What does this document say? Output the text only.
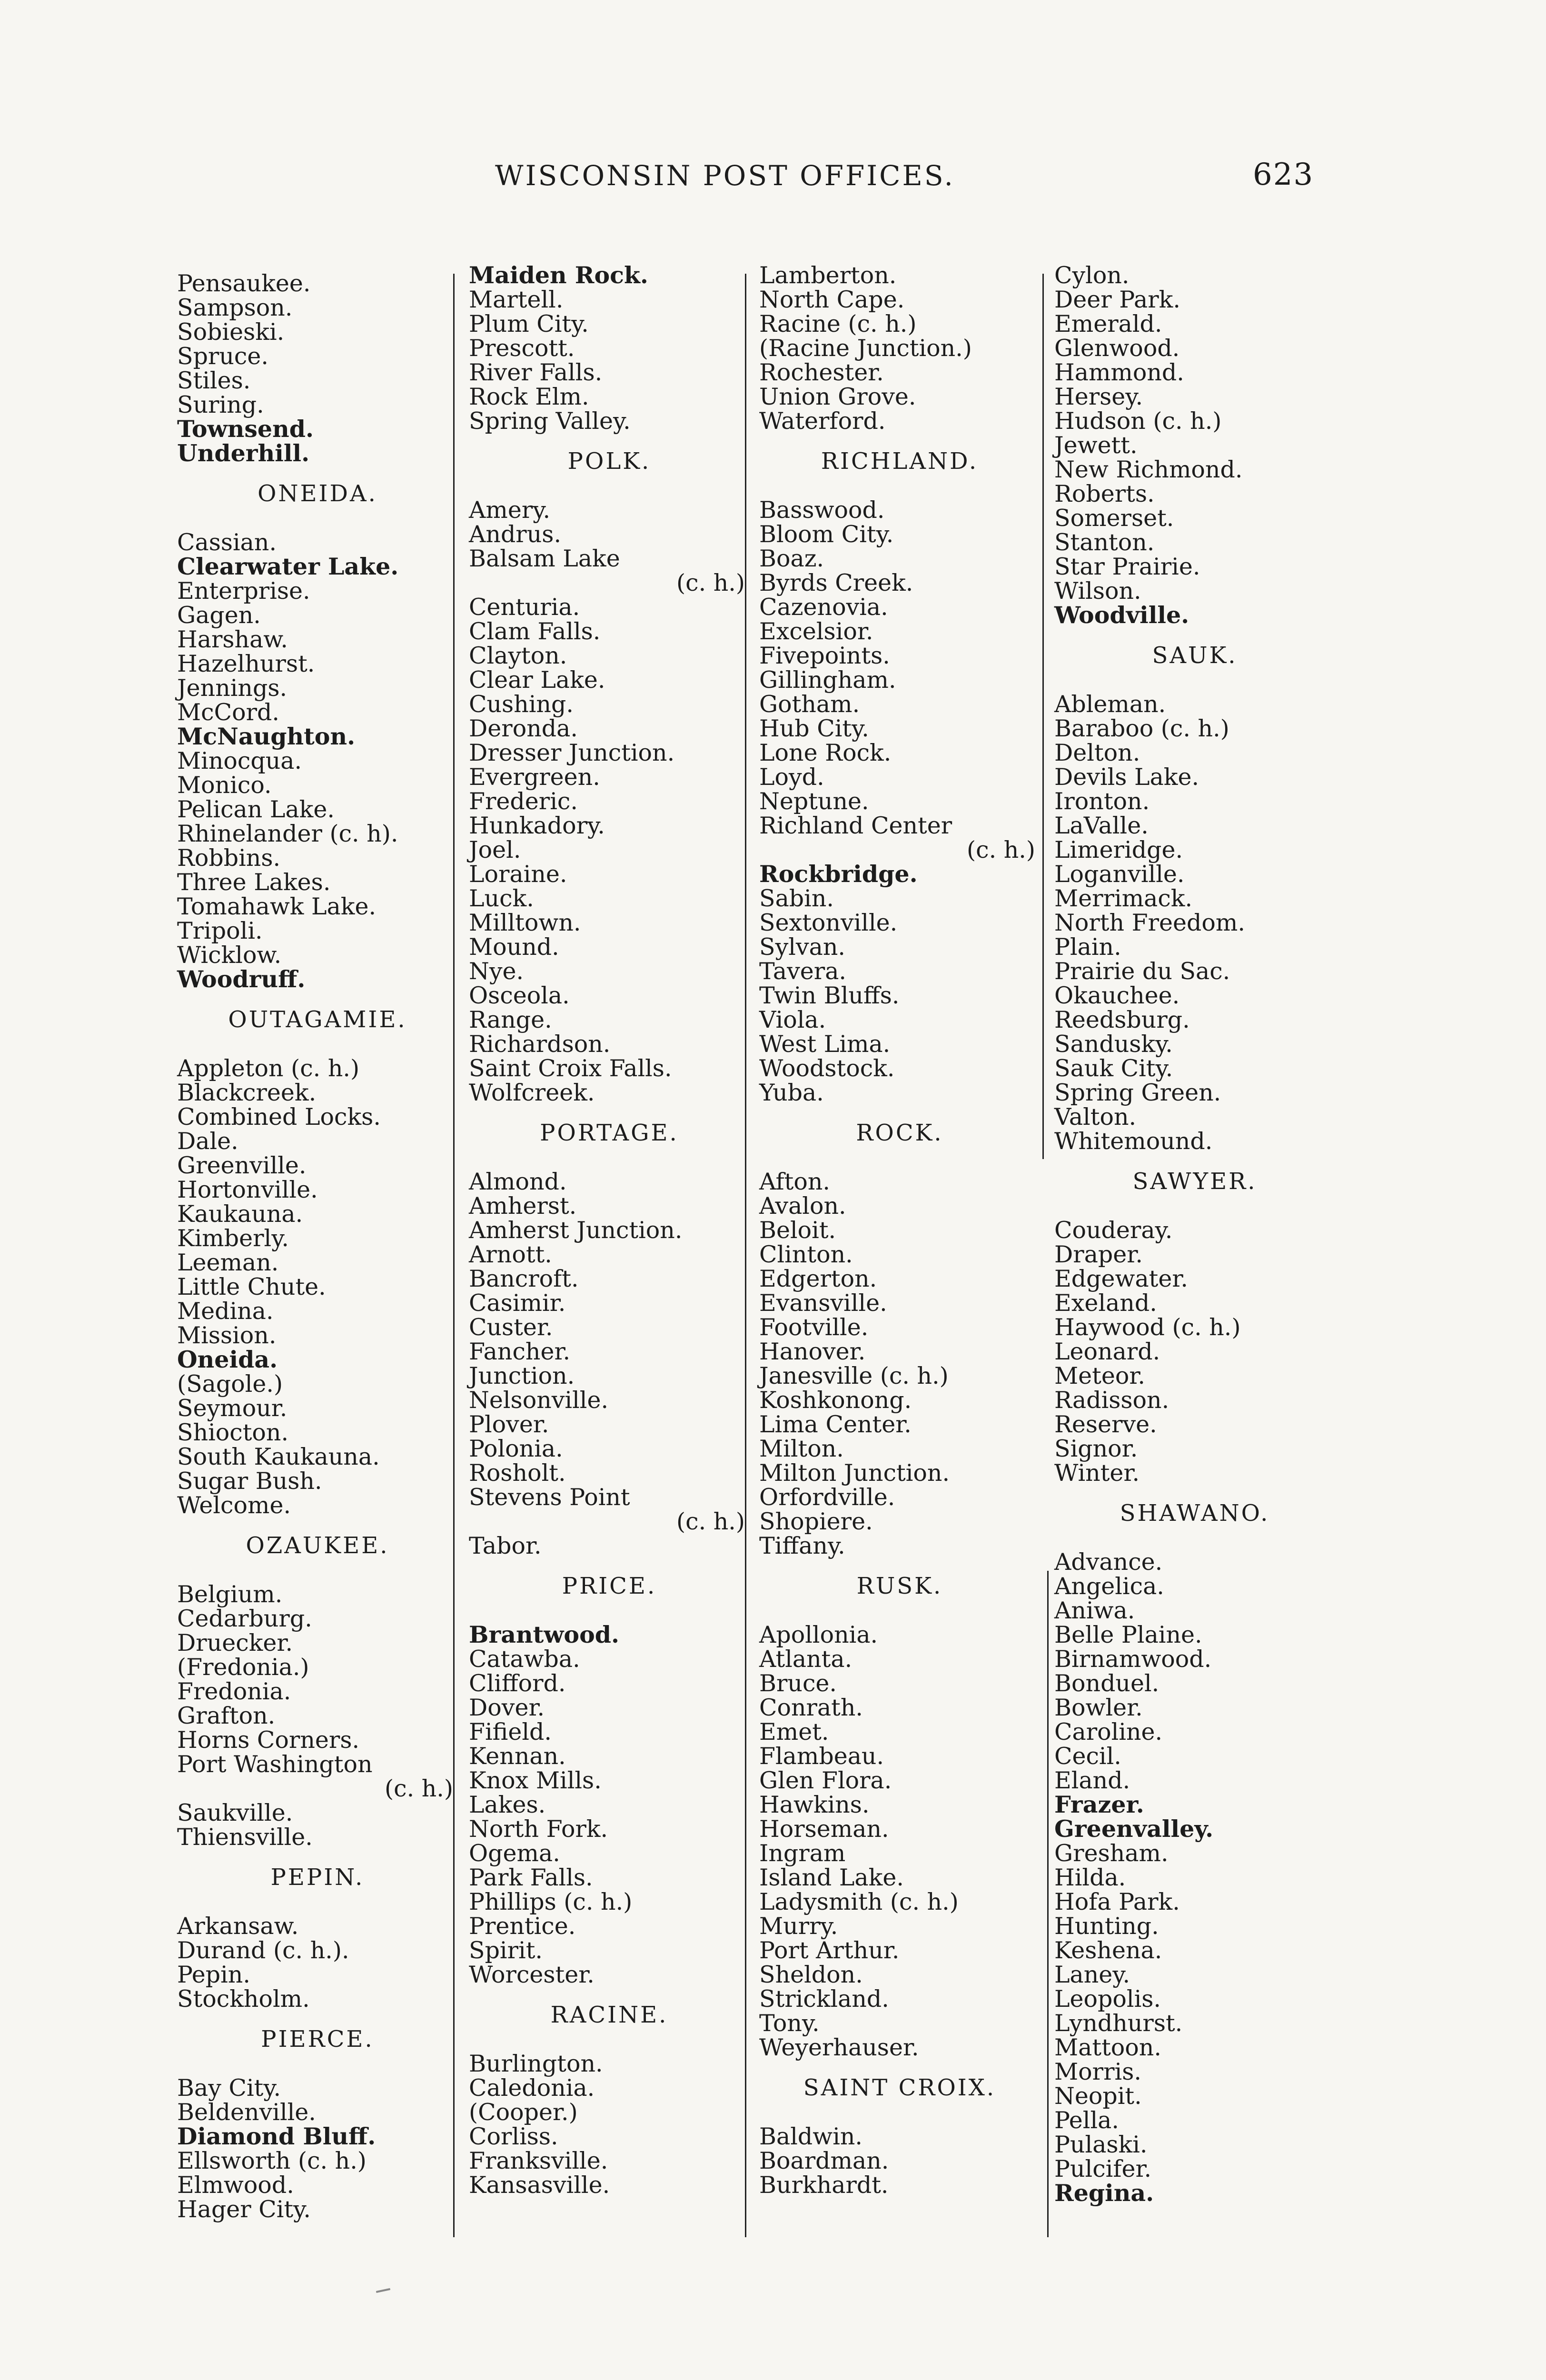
WISCONSIN POST OFFICES.	623
Pensaukee.
Sampson.
Sobieski.
Spruce.
Stiles.
Suring.
Townsend.
Underhill.
ONEIDA.
Cassian.
Clearwater Lake.
Enterprise.
Gagen.
Harshaw.
Hazelhurst.
Jennings.
McCord.
McNaughton.
Minocqua.
Monico.
Pelican Lake.
Rhinelander (c. h).
Robbins.
Three Lakes.
Tomahawk Lake.
Tripoli.
Wicklow.
Woodruff.
OUTAGAMIE.
Appleton (c. h.)
Blackcreek.
Combined Locks.
Dale.
Greenville.
Hortonville.
Kaukauna.
Kimberly.
Leeman.
Little Chute.
Medina.
Mission.
Oneida.
(Sagole.)
Seymour.
Shiocton.
South Kaukauna.
Sugar Bush.
Welcome.
OZAUKEE.
Belgium.
Cedarburg.
Druecker.
(Fredonia.)
Fredonia.
Grafton.
Horns Corners.
Port Washington
(c. h.)
Saukville.
Thiensville.
PEPIN.
Arkansaw.
Durand (c. h.).
Pepin.
Stockholm.
PIERCE.
Bay City.
Beldenville.
Diamond Bluff.
Ellsworth (c. h.)
Elmwood.
Hager City.
Maiden Rock.
Martell.
Plum City.
Prescott.
River Falls.
Rock Elm.
Spring Valley.
POLK.
Amery.
Andrus.
Balsam Lake
(c. h.)
Centuria.
Clam Falls.
Clayton.
Clear Lake.
Cushing.
Deronda.
Dresser Junction.
Evergreen.
Frederic.
Hunkadory.
Joel.
Loraine.
Luck.
Milltown.
Mound.
Nye.
Osceola.
Range.
Richardson.
Saint Croix Falls.
Wolfcreek.
PORTAGE.
Almond.
Amherst.
Amherst Junction.
Arnott.
Bancroft.
Casimir.
Custer.
Fancher.
Junction.
Nelsonville.
Plover.
Polonia.
Rosholt.
Stevens Point
(c. h.)
Tabor.
PRICE.
Brantwood.
Catawba.
Clifford.
Dover.
Fifield.
Kennan.
Knox Mills.
Lakes.
North Fork.
Ogema.
Park Falls.
Phillips (c. h.)
Prentice.
Spirit.
Worcester.
RACINE.
Burlington.
Caledonia.
(Cooper.)
Corliss.
Franksville.
Kansasville.
Lamberton.
North Cape.
Racine (c. h.)
(Racine Junction.)
Rochester.
Union Grove.
Waterford.
RICHLAND.
Basswood.
Bloom City.
Boaz.
Byrds Creek.
Cazenovia.
Excelsior.
Fivepoints.
Gillingham.
Gotham.
Hub City.
Lone Rock.
Loyd.
Neptune.
Richland Center
(c. h.)
Rockbridge.
Sabin.
Sextonville.
Sylvan.
Tavera.
Twin Bluffs.
Viola.
West Lima.
Woodstock.
Yuba.
ROCK.
Afton.
Avalon.
Beloit.
Clinton.
Edgerton.
Evansville.
Footville.
Hanover.
Janesville (c. h.)
Koshkonong.
Lima Center.
Milton.
Milton Junction.
Orfordville.
Shopiere.
Tiffany.
RUSK.
Apollonia.
Atlanta.
Bruce.
Conrath.
Emet.
Flambeau.
Glen Flora.
Hawkins.
Horseman.
Ingram
Island Lake.
Ladysmith (c. h.)
Murry.
Port Arthur.
Sheldon.
Strickland.
Tony.
Weyerhauser.
SAINT CROIX.
Baldwin.
Boardman.
Burkhardt.
Cylon.
Deer Park.
Emerald.
Glenwood.
Hammond.
Hersey.
Hudson (c. h.)
Jewett.
New Richmond.
Roberts.
Somerset.
Stanton.
Star Prairie.
Wilson.
Woodville.
SAUK.
Ableman.
Baraboo (c. h.)
Delton.
Devils Lake.
Ironton.
LaValle.
Limeridge.
Loganville.
Merrimack.
North Freedom.
Plain.
Prairie du Sac.
Okauchee.
Reedsburg.
Sandusky.
Sauk City.
Spring Green.
Valton.
Whitemound.
SAWYER.
Couderay.
Draper.
Edgewater.
Exeland.
Haywood (c. h.)
Leonard.
Meteor.
Radisson.
Reserve.
Signor.
Winter.
SHAWANO.
Advance.
Angelica.
Aniwa.
Belle Plaine.
Birnamwood.
Bonduel.
Bowler.
Caroline.
Cecil.
Eland.
Frazer.
Greenvalley.
Gresham.
Hilda.
Hofa Park.
Hunting.
Keshena.
Laney.
Leopolis.
Lyndhurst.
Mattoon.
Morris.
Neopit.
Pella.
Pulaski.
Pulcifer.
Regina.
